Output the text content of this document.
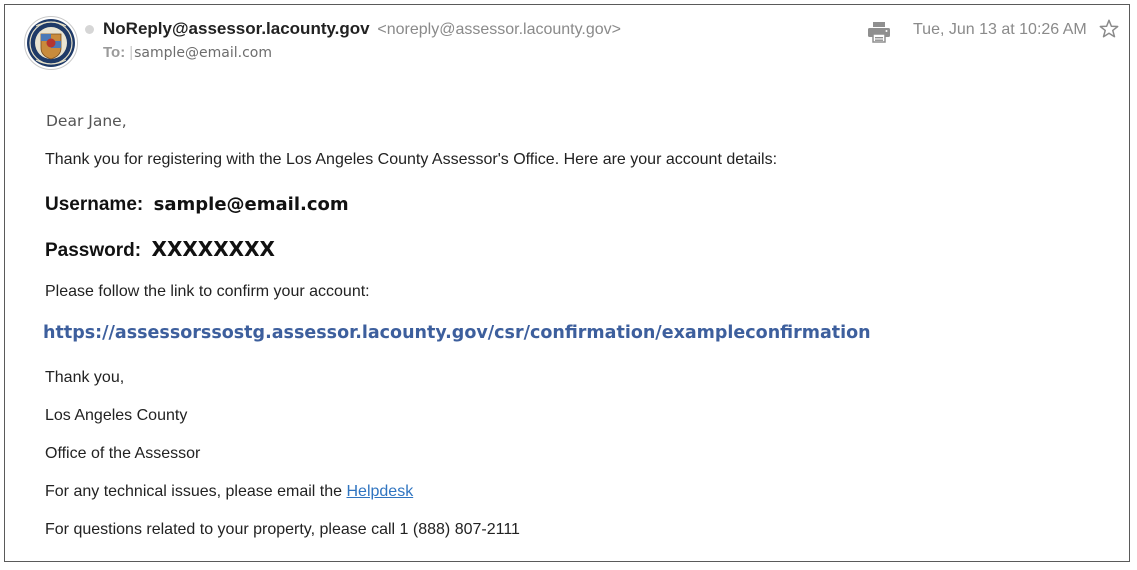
NoReply@assessor.lacounty.gov <noreply@assessor.lacounty.gov>
To: |sample@email.com
Tue, Jun 13 at 10:26 AM
Dear Jane,
Thank you for registering with the Los Angeles County Assessor's Office. Here are your account details:
Username: sample@email.com
Password: XXXXXXXX
Please follow the link to confirm your account:
https://assessorssostg.assessor.lacounty.gov/csr/confirmation/exampleconfirmation
Thank you,
Los Angeles County
Office of the Assessor
For any technical issues, please email the Helpdesk
For questions related to your property, please call 1 (888) 807-2111
